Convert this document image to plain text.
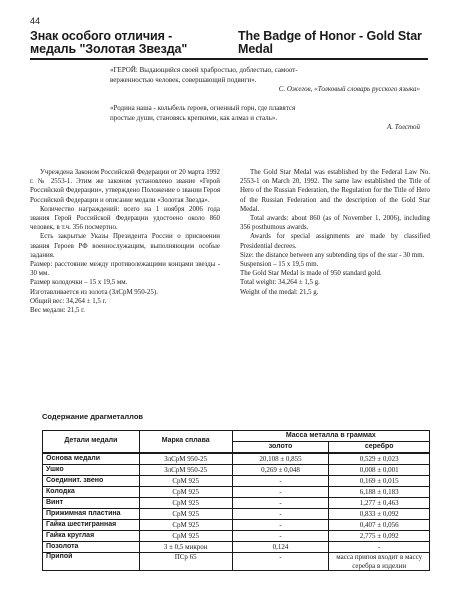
44
Знак особого отличия - медаль "Золотая Звезда"
The Badge of Honor - Gold Star Medal
«ГЕРОЙ: Выдающийся своей храбростью, доблестью, самоот-
верженностью человек, совершающий подвиги».
С. Ожегов, «Толковый словарь русского языка»
«Родина наша - колыбель героев, огненный горн, где плавятся
простые души, становясь крепкими, как алмаз и сталь».
А. Толстой
Учреждена Законом Российской Федерации от 20 марта 1992 г. № 2553-1. Этим же законом установлено звание «Герой Российской Федерации», утверждено Положение о звании Героя Российской Федерации и описание медали «Золотая Звезда».
Количество награждений: всего на 1 ноября 2006 года звания Герой Российской Федерации удостоено около 860 человек, в т.ч. 356 посмертно.
Есть закрытые Указы Президента России о присвоении звания Героев РФ военнослужащим, выполняющим особые задания.
Размер: расстояние между противолежащими концами звезды - 30 мм.
Размер колодочки – 15 х 19,5 мм.
Изготавливается из золота (ЗлСрМ 950-25).
Общий вес: 34,264 ± 1,5 г.
Вес медали: 21,5 г.
The Gold Star Medal was established by the Federal Law No. 2553-1 on March 20, 1992. The same law established the Title of Hero of the Russian Federation, the Regulation for the Title of Hero of the Russian Federation and the description of the Gold Star Medal.
Total awards: about 860 (as of November 1, 2006), including 356 posthumous awards.
Awards for special assignments are made by classified Presidential decrees.
Size: the distance between any subtending tips of the star - 30 mm.
Suspension – 15 x 19,5 mm.
The Gold Star Medal is made of 950 standard gold.
Total weight: 34,264 ± 1,5 g.
Weight of the medal: 21,5 g.
Содержание драгметаллов
Детали медали	Марка сплава	Масса металла в граммах	
		золото	серебро
Основа медали	ЗлСрМ 950-25	20,108 ± 0,855	0,529 ± 0,023
Ушко	ЗлСрМ 950-25	0,269 ± 0,048	0,008 ± 0,001
Соединит. звено	СрМ 925	-	0,169 ± 0,015
Колодка	СрМ 925	-	6,188 ± 0,183
Винт	СрМ 925	-	1,277 ± 0,463
Прижимная пластина	СрМ 925	-	0,833 ± 0,092
Гайка шестигранная	СрМ 925	-	0,407 ± 0,056
Гайка круглая	СрМ 925	-	2,775 ± 0,092
Позолота	3 ± 0,5 микрон	0,124	-
Припой	ПСр 65	-	масса припоя входит в массу серебра в изделии
